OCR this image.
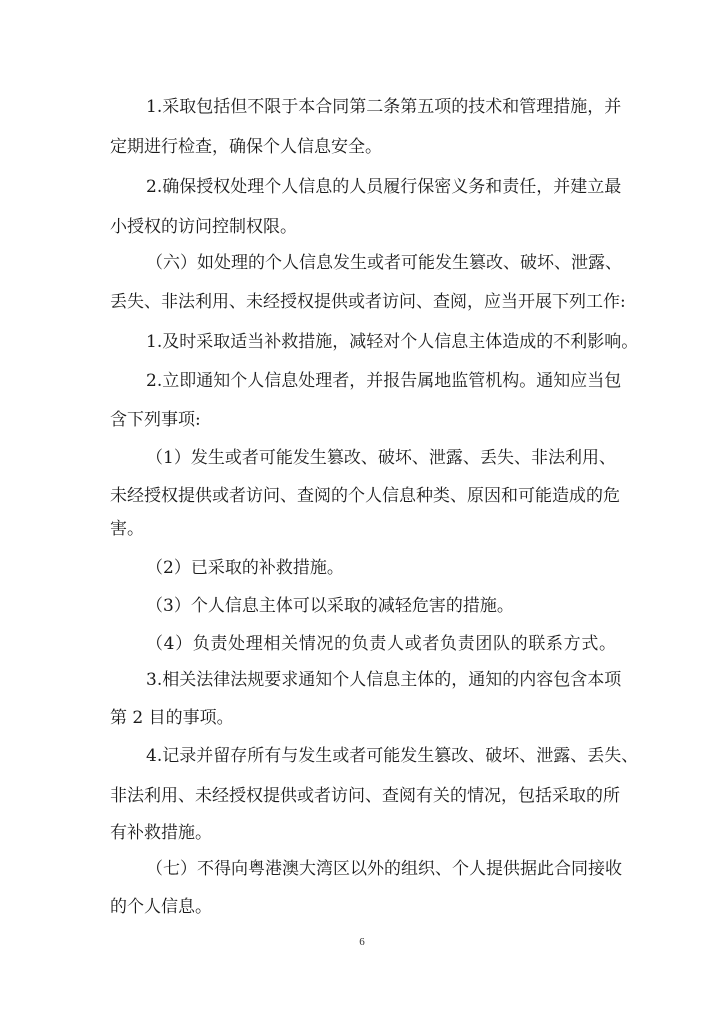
1.采取包括但不限于本合同第二条第五项的技术和管理措施，并
定期进行检查，确保个人信息安全。
2.确保授权处理个人信息的人员履行保密义务和责任，并建立最
小授权的访问控制权限。
（六）如处理的个人信息发生或者可能发生篡改、破坏、泄露、
丢失、非法利用、未经授权提供或者访问、查阅，应当开展下列工作:
1.及时采取适当补救措施，减轻对个人信息主体造成的不利影响。
2.立即通知个人信息处理者，并报告属地监管机构。通知应当包
含下列事项:
（1）发生或者可能发生篡改、破坏、泄露、丢失、非法利用、
未经授权提供或者访问、查阅的个人信息种类、原因和可能造成的危
害。
（2）已采取的补救措施。
（3）个人信息主体可以采取的减轻危害的措施。
（4）负责处理相关情况的负责人或者负责团队的联系方式。
3.相关法律法规要求通知个人信息主体的，通知的内容包含本项
第 2 目的事项。
4.记录并留存所有与发生或者可能发生篡改、破坏、泄露、丢失、
非法利用、未经授权提供或者访问、查阅有关的情况，包括采取的所
有补救措施。
（七）不得向粤港澳大湾区以外的组织、个人提供据此合同接收
的个人信息。
6
